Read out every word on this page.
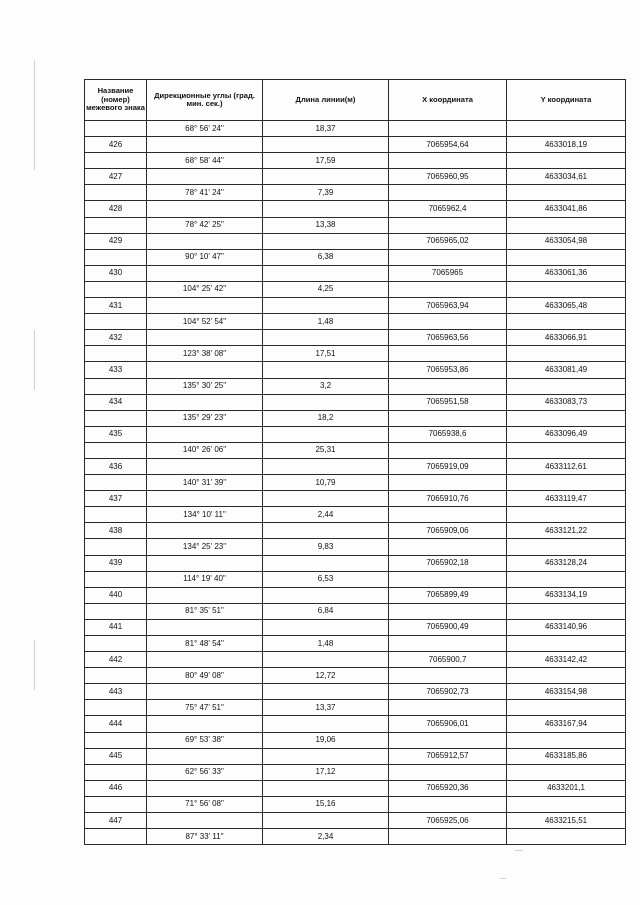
Название (номер) межевого знака	Дирекционные углы (град. мин. сек.)	Длина линии(м)	X координата	Y координата
	68° 56' 24"	18,37		
426			7065954,64	4633018,19
	68° 58' 44"	17,59		
427			7065960,95	4633034,61
	78° 41' 24"	7,39		
428			7065962,4	4633041,86
	78° 42' 25"	13,38		
429			7065965,02	4633054,98
	90° 10' 47"	6,38		
430			7065965	4633061,36
	104° 25' 42"	4,25		
431			7065963,94	4633065,48
	104° 52' 54"	1,48		
432			7065963,56	4633066,91
	123° 38' 08"	17,51		
433			7065953,86	4633081,49
	135° 30' 25"	3,2		
434			7065951,58	4633083,73
	135° 29' 23"	18,2		
435			7065938,6	4633096,49
	140° 26' 06"	25,31		
436			7065919,09	4633112,61
	140° 31' 39"	10,79		
437			7065910,76	4633119,47
	134° 10' 11"	2,44		
438			7065909,06	4633121,22
	134° 25' 23"	9,83		
439			7065902,18	4633128,24
	114° 19' 40"	6,53		
440			7065899,49	4633134,19
	81° 35' 51"	6,84		
441			7065900,49	4633140,96
	81° 48' 54"	1,48		
442			7065900,7	4633142,42
	80° 49' 08"	12,72		
443			7065902,73	4633154,98
	75° 47' 51"	13,37		
444			7065906,01	4633167,94
	69° 53' 38"	19,06		
445			7065912,57	4633185,86
	62° 56' 33"	17,12		
446			7065920,36	4633201,1
	71° 56' 08"	15,16		
447			7065925,06	4633215,51
	87° 33' 11"	2,34		
